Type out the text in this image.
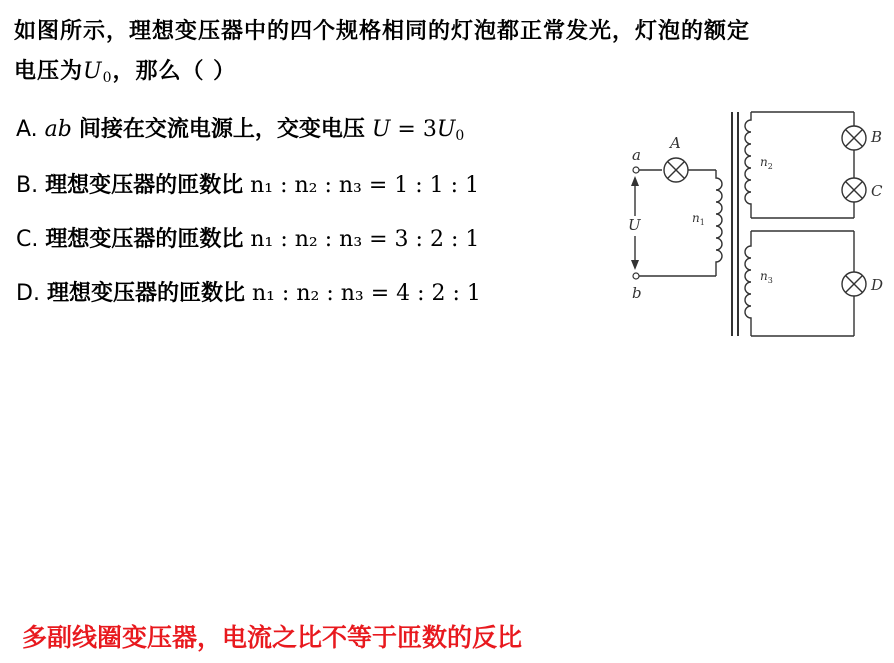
如图所示，理想变压器中的四个规格相同的灯泡都正常发光，灯泡的额定
电压为$U_0$，那么（ ）
A. ab 间接在交流电源上，交变电压 $U = 3U_0$
B. 理想变压器的匝数比 n₁ : n₂ : n₃ = 1 : 1 : 1
C. 理想变压器的匝数比 n₁ : n₂ : n₃ = 3 : 2 : 1
D. 理想变压器的匝数比 n₁ : n₂ : n₃ = 4 : 2 : 1
a
b
U
A	B
C
D
$n_1$
$n_2$
$n_3$
多副线圈变压器，电流之比不等于匝数的反比
